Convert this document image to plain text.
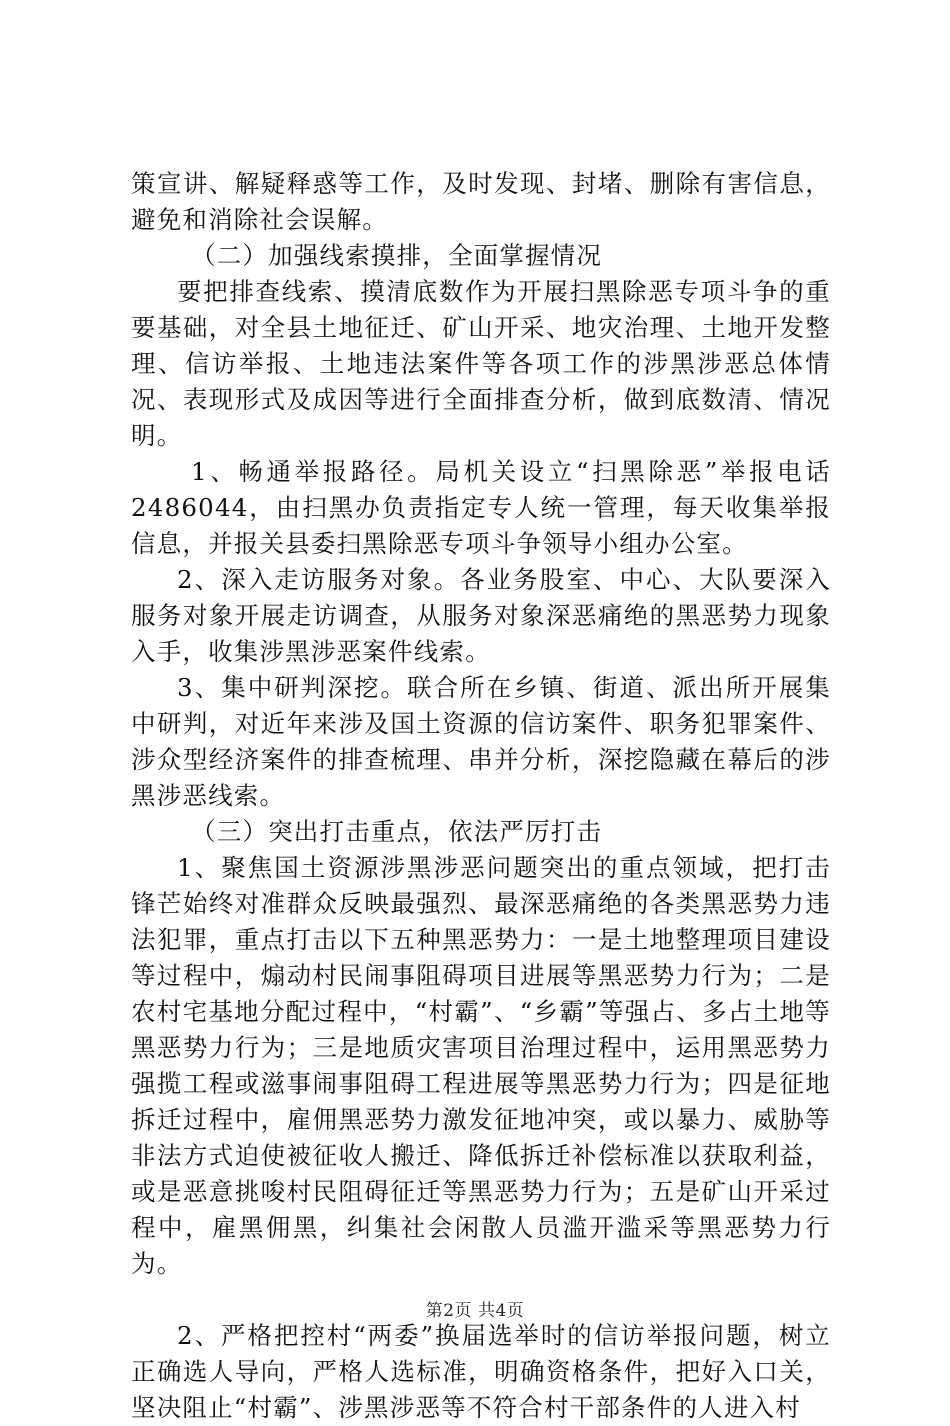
策宣讲、解疑释惑等工作，及时发现、封堵、删除有害信息，避免和消除社会误解。

（二）加强线索摸排，全面掌握情况

要把排查线索、摸清底数作为开展扫黑除恶专项斗争的重要基础，对全县土地征迁、矿山开采、地灾治理、土地开发整理、信访举报、土地违法案件等各项工作的涉黑涉恶总体情况、表现形式及成因等进行全面排查分析，做到底数清、情况明。

1、畅通举报路径。局机关设立“扫黑除恶”举报电话2486044，由扫黑办负责指定专人统一管理，每天收集举报信息，并报关县委扫黑除恶专项斗争领导小组办公室。

2、深入走访服务对象。各业务股室、中心、大队要深入服务对象开展走访调查，从服务对象深恶痛绝的黑恶势力现象入手，收集涉黑涉恶案件线索。

3、集中研判深挖。联合所在乡镇、街道、派出所开展集中研判，对近年来涉及国土资源的信访案件、职务犯罪案件、涉众型经济案件的排查梳理、串并分析，深挖隐藏在幕后的涉黑涉恶线索。

（三）突出打击重点，依法严厉打击

1、聚焦国土资源涉黑涉恶问题突出的重点领域，把打击锋芒始终对准群众反映最强烈、最深恶痛绝的各类黑恶势力违法犯罪，重点打击以下五种黑恶势力：一是土地整理项目建设等过程中，煽动村民闹事阻碍项目进展等黑恶势力行为；二是农村宅基地分配过程中，“村霸”、“乡霸”等强占、多占土地等黑恶势力行为；三是地质灾害项目治理过程中，运用黑恶势力强揽工程或滋事闹事阻碍工程进展等黑恶势力行为；四是征地拆迁过程中，雇佣黑恶势力激发征地冲突，或以暴力、威胁等非法方式迫使被征收人搬迁、降低拆迁补偿标准以获取利益，或是恶意挑唆村民阻碍征迁等黑恶势力行为；五是矿山开采过程中，雇黑佣黑，纠集社会闲散人员滥开滥采等黑恶势力行为。

2、严格把控村“两委”换届选举时的信访举报问题，树立正确选人导向，严格人选标准，明确资格条件，把好入口关，坚决阻止“村霸”、涉黑涉恶等不符合村干部条件的人进入村

第2页 共4页
